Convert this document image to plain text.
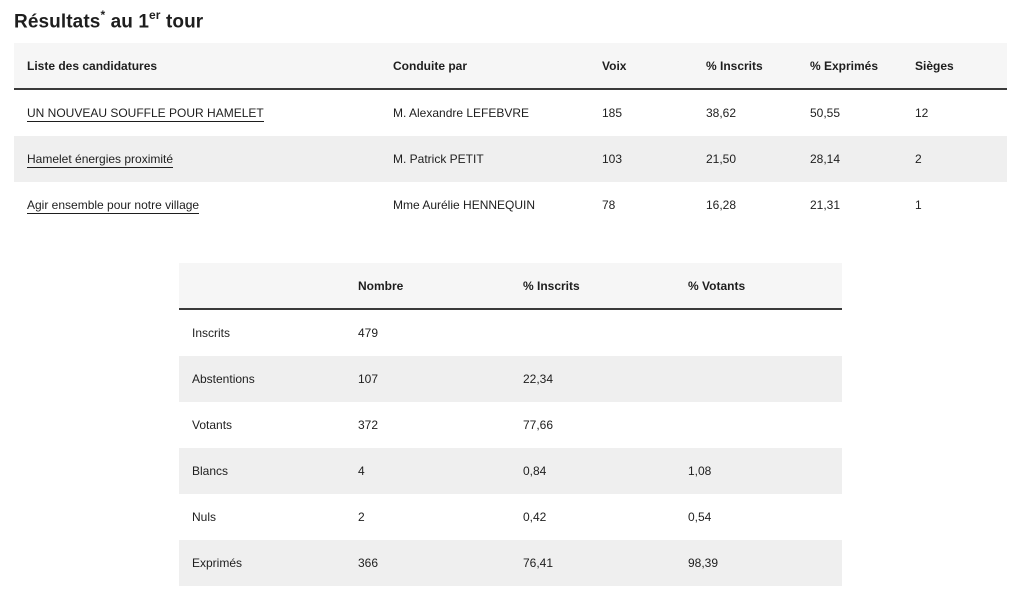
Résultats* au 1er tour
Liste des candidatures	Conduite par	Voix	% Inscrits	% Exprimés	Sièges
UN NOUVEAU SOUFFLE POUR HAMELET	M. Alexandre LEFEBVRE	185	38,62	50,55	12
Hamelet énergies proximité	M. Patrick PETIT	103	21,50	28,14	2
Agir ensemble pour notre village	Mme Aurélie HENNEQUIN	78	16,28	21,31	1
	Nombre	% Inscrits	% Votants
Inscrits	479		
Abstentions	107	22,34	
Votants	372	77,66	
Blancs	4	0,84	1,08
Nuls	2	0,42	0,54
Exprimés	366	76,41	98,39
